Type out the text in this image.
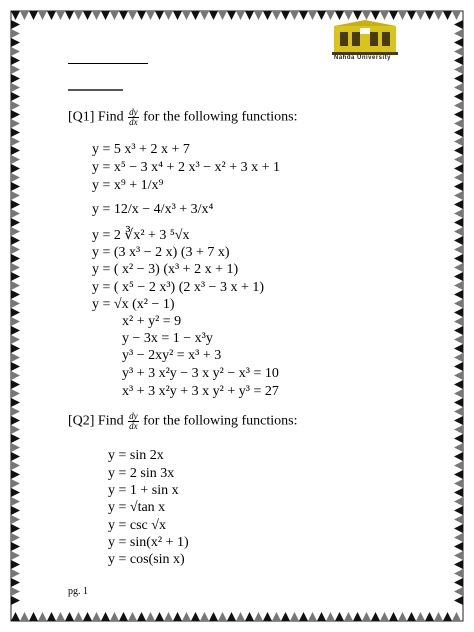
Nahda University
[Q1] Find $\frac{dy}{dx}$ for the following functions:
y = 5 x³ + 2 x + 7
y = x⁵ − 3 x⁴ + 2 x³ − x² + 3 x + 1
y = x⁹ + 1/x⁹
y = 12/x − 4/x³ + 3/x⁴
y = 2 ∛x² + 3 ⁵√x
y = (3 x³ − 2 x) (3 + 7 x)
y = ( x² − 3) (x³ + 2 x + 1)
y = ( x⁵ − 2 x³) (2 x³ − 3 x + 1)
y = √x (x² − 1)
x² + y² = 9
y − 3x = 1 − x³y
y³ − 2xy² = x³ + 3
y³ + 3 x²y − 3 x y² − x³ = 10
x³ + 3 x²y + 3 x y² + y³ = 27
[Q2] Find $\frac{dy}{dx}$ for the following functions:
y = sin 2x
y = 2 sin 3x
y = 1 + sin x
y = √tan x
y = csc √x
y = sin(x² + 1)
y = cos(sin x)
pg. 1
